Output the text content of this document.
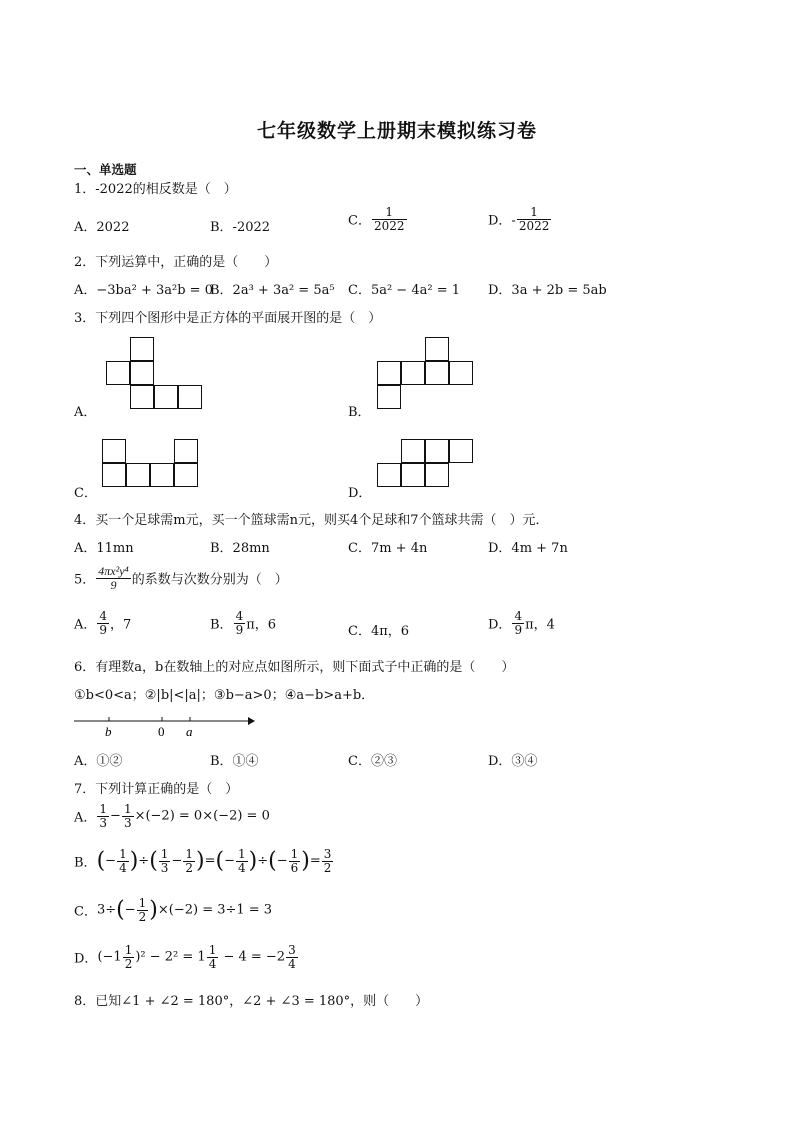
七年级数学上册期末模拟练习卷
一、单选题
1．-2022的相反数是（　）
A．2022	B．-2022	C． $\frac{1}{2022}$	D．- $\frac{1}{2022}$
2．下列运算中，正确的是（　　）
A．−3ba² + 3a²b = 0
B．2a³ + 3a² = 5a⁵ C．5a² − 4a² = 1 D．3a + 2b = 5ab
3．下列四个图形中是正方体的平面展开图的是（　）
A．	B．
C．	D．
4．买一个足球需m元，买一个篮球需n元，则买4个足球和7个篮球共需（　）元．
A．11mn	B．28mn	C．7m + 4n	D．4m + 7n
5． $\frac{\text{4πx²y⁴}}{9}$ 的系数与次数分别为（　）
A． $\frac{4}{9}$ ，7	B． $\frac{4}{9}$ π，6	C．4π，6	D． $\frac{4}{9}$ π，4
6．有理数a，b在数轴上的对应点如图所示，则下面式子中正确的是（　　）
①b<0<a；②|b|<|a|；③b−a>0；④a−b>a+b．
b	0 a
A．①②	B．①④	C．②③	D．③④
7．下列计算正确的是（　）
A． $\frac{1}{3} - \frac{1}{3} \times(-2) = 0\times(-2) = 0$
B．(− $\frac{1}{4}$ )÷( $\frac{1}{3} - \frac{1}{2}$ )=(− $\frac{1}{4}$ )÷(− $\frac{1}{6}$ )= $\frac{3}{2}$
C．$3\div(- \frac{1}{2} )\times(-2) = 3\div 1 = 3$
D．$(-1 \frac{1}{2} )^2 - 2^2 = 1 \frac{1}{4} - 4 = -2 \frac{3}{4}$
8．已知∠1 + ∠2 = 180°，∠2 + ∠3 = 180°，则（　　）
